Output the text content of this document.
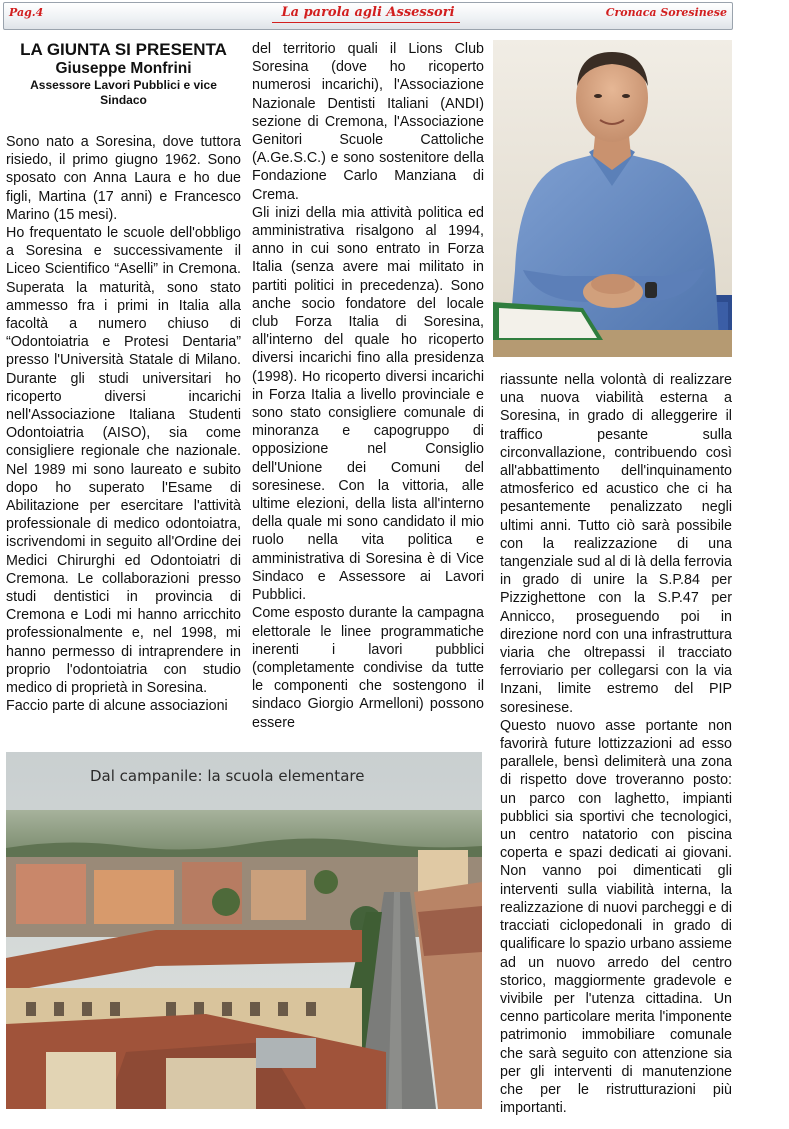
Pag.4	La parola agli Assessori	Cronaca Soresinese
LA GIUNTA SI PRESENTA
Giuseppe Monfrini
Assessore Lavori Pubblici e vice Sindaco

Sono nato a Soresina, dove tuttora risiedo, il primo giugno 1962. Sono sposato con Anna Laura e ho due figli, Martina (17 anni) e Francesco Marino (15 mesi).

Ho frequentato le scuole dell'obbligo a Soresina e successivamente il Liceo Scientifico “Aselli” in Cremona. Superata la maturità, sono stato ammesso fra i primi in Italia alla facoltà a numero chiuso di “Odontoiatria e Protesi Dentaria” presso l'Università Statale di Milano. Durante gli studi universitari ho ricoperto diversi incarichi nell'Associazione Italiana Studenti Odontoiatria (AISO), sia come consigliere regionale che nazionale. Nel 1989 mi sono laureato e subito dopo ho superato l'Esame di Abilitazione per esercitare l'attività professionale di medico odontoiatra, iscrivendomi in seguito all'Ordine dei Medici Chirurghi ed Odontoiatri di Cremona. Le collaborazioni presso studi dentistici in provincia di Cremona e Lodi mi hanno arricchito professionalmente e, nel 1998, mi hanno permesso di intraprendere in proprio l'odontoiatria con studio medico di proprietà in Soresina.

Faccio parte di alcune associazioni

del territorio quali il Lions Club Soresina (dove ho ricoperto numerosi incarichi), l'Associazione Nazionale Dentisti Italiani (ANDI) sezione di Cremona, l'Associazione Genitori Scuole Cattoliche (A.Ge.S.C.) e sono sostenitore della Fondazione Carlo Manziana di Crema.

Gli inizi della mia attività politica ed amministrativa risalgono al 1994, anno in cui sono entrato in Forza Italia (senza avere mai militato in partiti politici in precedenza). Sono anche socio fondatore del locale club Forza Italia di Soresina, all'interno del quale ho ricoperto diversi incarichi fino alla presidenza (1998). Ho ricoperto diversi incarichi in Forza Italia a livello provinciale e sono stato consigliere comunale di minoranza e capogruppo di opposizione nel Consiglio dell'Unione dei Comuni del soresinese. Con la vittoria, alle ultime elezioni, della lista all'interno della quale mi sono candidato il mio ruolo nella vita politica e amministrativa di Soresina è di Vice Sindaco e Assessore ai Lavori Pubblici.

Come esposto durante la campagna elettorale le linee programmatiche inerenti i lavori pubblici (completamente condivise da tutte le componenti che sostengono il sindaco Giorgio Armelloni) possono essere

riassunte nella volontà di realizzare una nuova viabilità esterna a Soresina, in grado di alleggerire il traffico pesante sulla circonvallazione, contribuendo così all'abbattimento dell'inquinamento atmosferico ed acustico che ci ha pesantemente penalizzato negli ultimi anni. Tutto ciò sarà possibile con la realizzazione di una tangenziale sud al di là della ferrovia in grado di unire la S.P.84 per Pizzighettone con la S.P.47 per Annicco, proseguendo poi in direzione nord con una infrastruttura viaria che oltrepassi il tracciato ferroviario per collegarsi con la via Inzani, limite estremo del PIP soresinese.

Questo nuovo asse portante non favorirà future lottizzazioni ad esso parallele, bensì delimiterà una zona di rispetto dove troveranno posto: un parco con laghetto, impianti pubblici sia sportivi che tecnologici, un centro natatorio con piscina coperta e spazi dedicati ai giovani. Non vanno poi dimenticati gli interventi sulla viabilità interna, la realizzazione di nuovi parcheggi e di tracciati ciclopedonali in grado di qualificare lo spazio urbano assieme ad un nuovo arredo del centro storico, maggiormente gradevole e vivibile per l'utenza cittadina. Un cenno particolare merita l'imponente patrimonio immobiliare comunale che sarà seguito con attenzione sia per gli interventi di manutenzione che per le ristrutturazioni più importanti.

Dal campanile: la scuola elementare
